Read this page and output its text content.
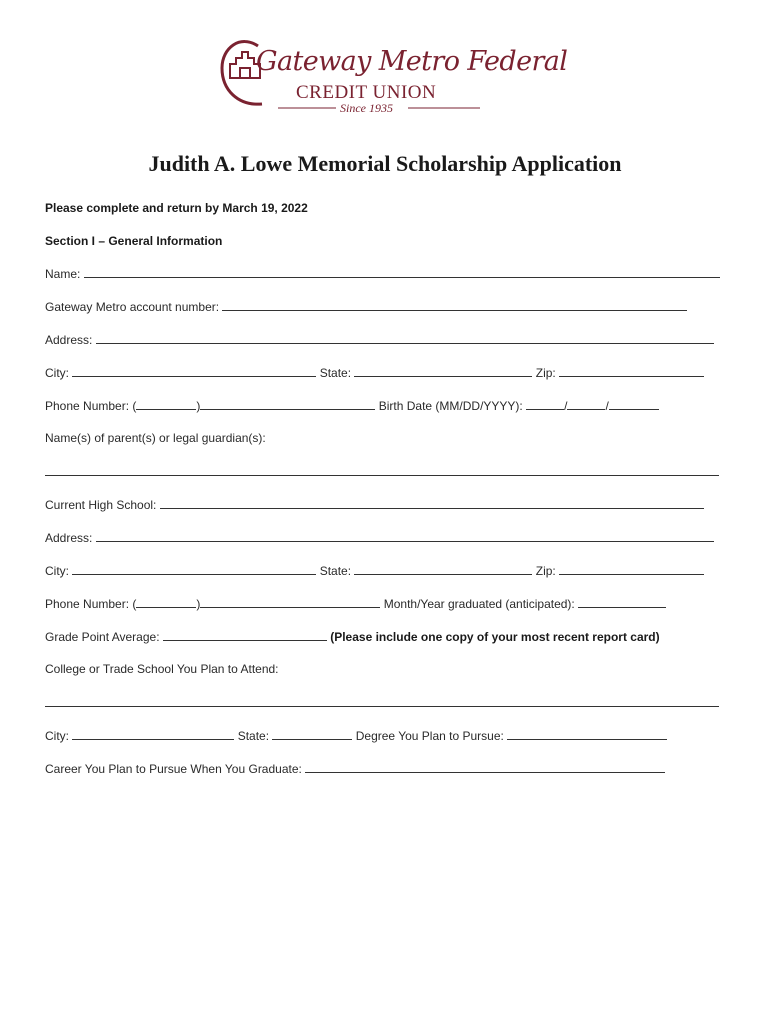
Gateway Metro Federal
CREDIT UNION
Since 1935
Judith A. Lowe Memorial Scholarship Application
Please complete and return by March 19, 2022
Section I – General Information
Name:
Gateway Metro account number:
Address:
City:	State:	Zip:
Phone Number: (	)	Birth Date (MM/DD/YYYY):	/	/
Name(s) of parent(s) or legal guardian(s):
Current High School:
Address:
City:	State:	Zip:
Phone Number: (	)	Month/Year graduated (anticipated):
Grade Point Average:	(Please include one copy of your most recent report card)
College or Trade School You Plan to Attend:
City:	State:	Degree You Plan to Pursue:
Career You Plan to Pursue When You Graduate:
